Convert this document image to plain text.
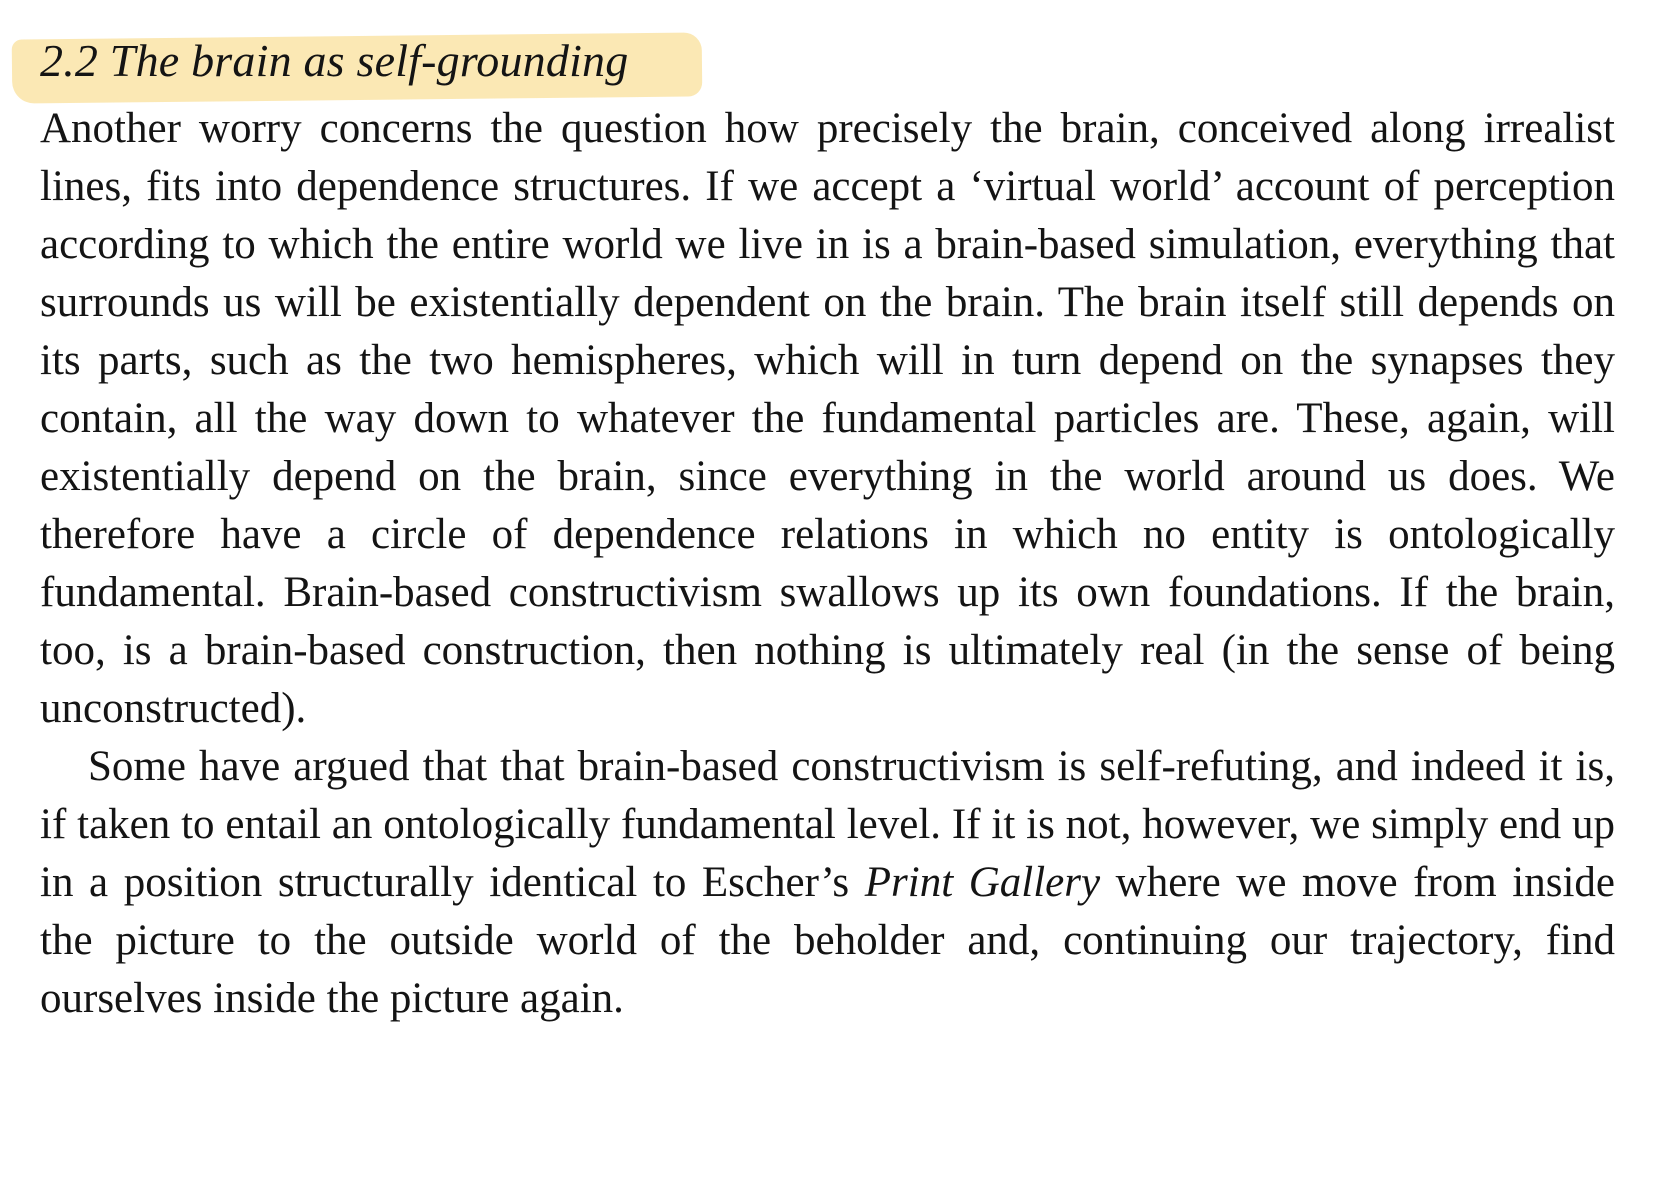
2.2 The brain as self-grounding

Another worry concerns the question how precisely the brain, conceived along irrealist lines, fits into dependence structures. If we accept a ‘virtual world’ account of perception according to which the entire world we live in is a brain-based simulation, everything that surrounds us will be existentially dependent on the brain. The brain itself still depends on its parts, such as the two hemispheres, which will in turn depend on the synapses they contain, all the way down to whatever the fundamental particles are. These, again, will existentially depend on the brain, since everything in the world around us does. We therefore have a circle of dependence relations in which no entity is ontologically fundamental. Brain-based constructivism swallows up its own foundations. If the brain, too, is a brain-based construction, then nothing is ultimately real (in the sense of being unconstructed).

Some have argued that that brain-based constructivism is self-refuting, and indeed it is, if taken to entail an ontologically fundamental level. If it is not, however, we simply end up in a position structurally identical to Escher’s Print Gallery where we move from inside the picture to the outside world of the beholder and, continuing our trajectory, find ourselves inside the picture again.
